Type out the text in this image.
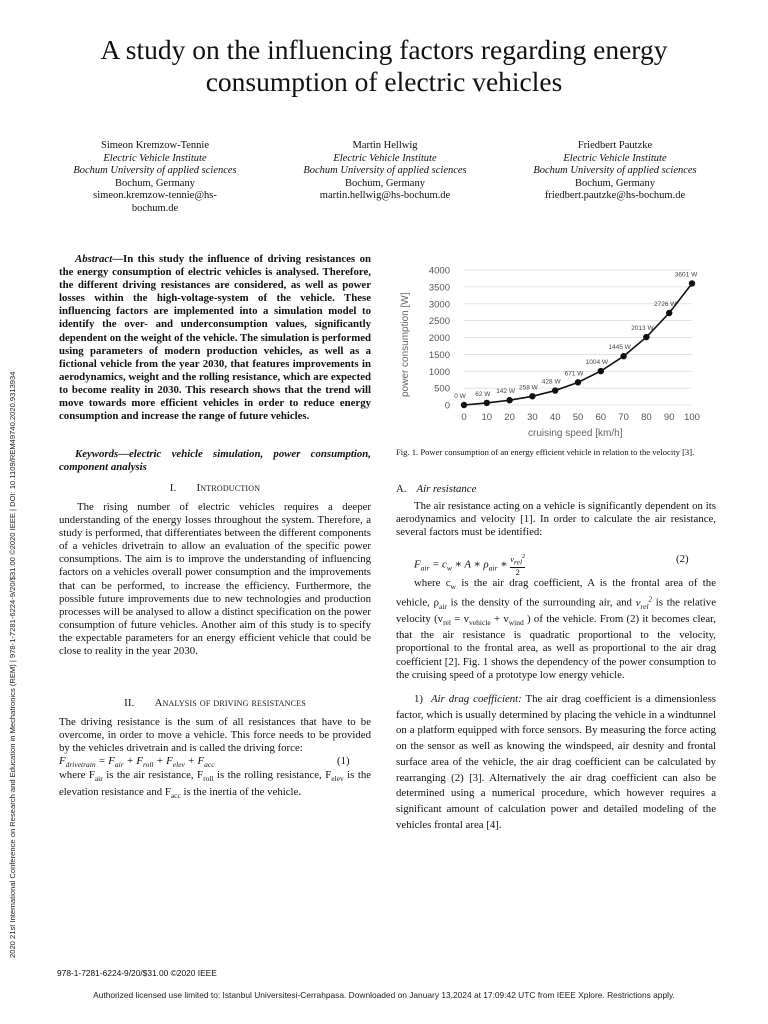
A study on the influencing factors regarding energy consumption of electric vehicles
Simeon Kremzow-Tennie
Electric Vehicle Institute
Bochum University of applied sciences
Bochum, Germany
simeon.kremzow-tennie@hs-bochum.de
Martin Hellwig
Electric Vehicle Institute
Bochum University of applied sciences
Bochum, Germany
martin.hellwig@hs-bochum.de
Friedbert Pautzke
Electric Vehicle Institute
Bochum University of applied sciences
Bochum, Germany
friedbert.pautzke@hs-bochum.de
2020 21st International Conference on Research and Education in Mechatronics (REM) | 978-1-7281-6224-9/20/$31.00 ©2020 IEEE | DOI: 10.1109/REM49740.2020.9313934
Abstract—In this study the influence of driving resistances on the energy consumption of electric vehicles is analysed. Therefore, the different driving resistances are considered, as well as power losses within the high-voltage-system of the vehicle. These influencing factors are implemented into a simulation model to identify the over- and underconsumption values, significantly dependent on the weight of the vehicle. The simulation is performed using parameters of modern production vehicles, as well as a fictional vehicle from the year 2030, that features improvements in aerodynamics, weight and the rolling resistance, which are expected to become reality in 2030. This research shows that the trend will move towards more efficient vehicles in order to reduce energy consumption and increase the range of future vehicles.
Keywords—electric vehicle simulation, power consumption, component analysis
I. Introduction

The rising number of electric vehicles requires a deeper understanding of the energy losses throughout the system. Therefore, a study is performed, that differentiates between the different components of a vehicles drivetrain to allow an evaluation of the specific power consumptions. The aim is to improve the understanding of influencing factors on a vehicles overall power consumption and the improvements that can be performed, to increase the efficiency. Furthermore, the possible future improvements due to new technologies and production processes will be analysed to allow a distinct specification on the power consumption of future vehicles. Another aim of this study is to specify the expectable parameters for an energy efficient vehicle that could be close to reality in the year 2030.

II. Analysis of driving resistances
The driving resistance is the sum of all resistances that have to be overcome, in order to move a vehicle. This force needs to be provided by the vehicles drivetrain and is called the driving force:
$F_{drivetrain} = F_{air} + F_{roll} + F_{elev} + F_{acc}$	(1)
where $F_{air}$ is the air resistance, $F_{roll}$ is the rolling resistance, $F_{elev}$ is the elevation resistance and $F_{acc}$ is the inertia of the vehicle.
0
500
1000
1500
2000
2500
3000
3500
4000
0 10 20 30 40 50 60 70 80 90 100
0 W 62 W 142 W
258 W
428 W
671 W
1004 W
1445 W
2013 W
2726 W
3601 W
power consumption [W]
cruising speed [km/h]
Fig. 1. Power consumption of an energy efficient vehicle in relation to the velocity [3].
A. Air resistance

The air resistance acting on a vehicle is significantly dependent on its aerodynamics and velocity [1]. In order to calculate the air resistance, several factors must be identified:

$F_{air} = c_w$ ∗ A ∗ $\rho_{air}$ ∗ $v_{rel}^2$
2
(2)

where $c_w$ is the air drag coefficient, A is the frontal area of the vehicle, $\rho_{air}$ is the density of the surrounding air, and $v_{rel}^2$ is the relative velocity ($v_{rel} = v_{vehicle} + v_{wind}$ ) of the vehicle. From (2) it becomes clear, that the air resistance is quadratic proportional to the velocity, proportional to the frontal area, as well as proportional to the air drag coefficient [2]. Fig. 1 shows the dependency of the power consumption to the cruising speed of a prototype low energy vehicle.

1) Air drag coefficient: The air drag coefficient is a dimensionless factor, which is usually determined by placing the vehicle in a windtunnel on a platform equipped with force sensors. By measuring the force acting on the sensor as well as knowing the windspeed, air desnity and frontal surface area of the vehicle, the air drag coefficient can be calculated by rearranging (2) [3]. Alternatively the air drag coefficient can also be determined using a numerical procedure, which however requires a significant amount of calculation power and detailed modeling of the vehicles frontal area [4].

978-1-7281-6224-9/20/$31.00 ©2020 IEEE
Authorized licensed use limited to: Istanbul Universitesi-Cerrahpasa. Downloaded on January 13,2024 at 17:09:42 UTC from IEEE Xplore. Restrictions apply.
